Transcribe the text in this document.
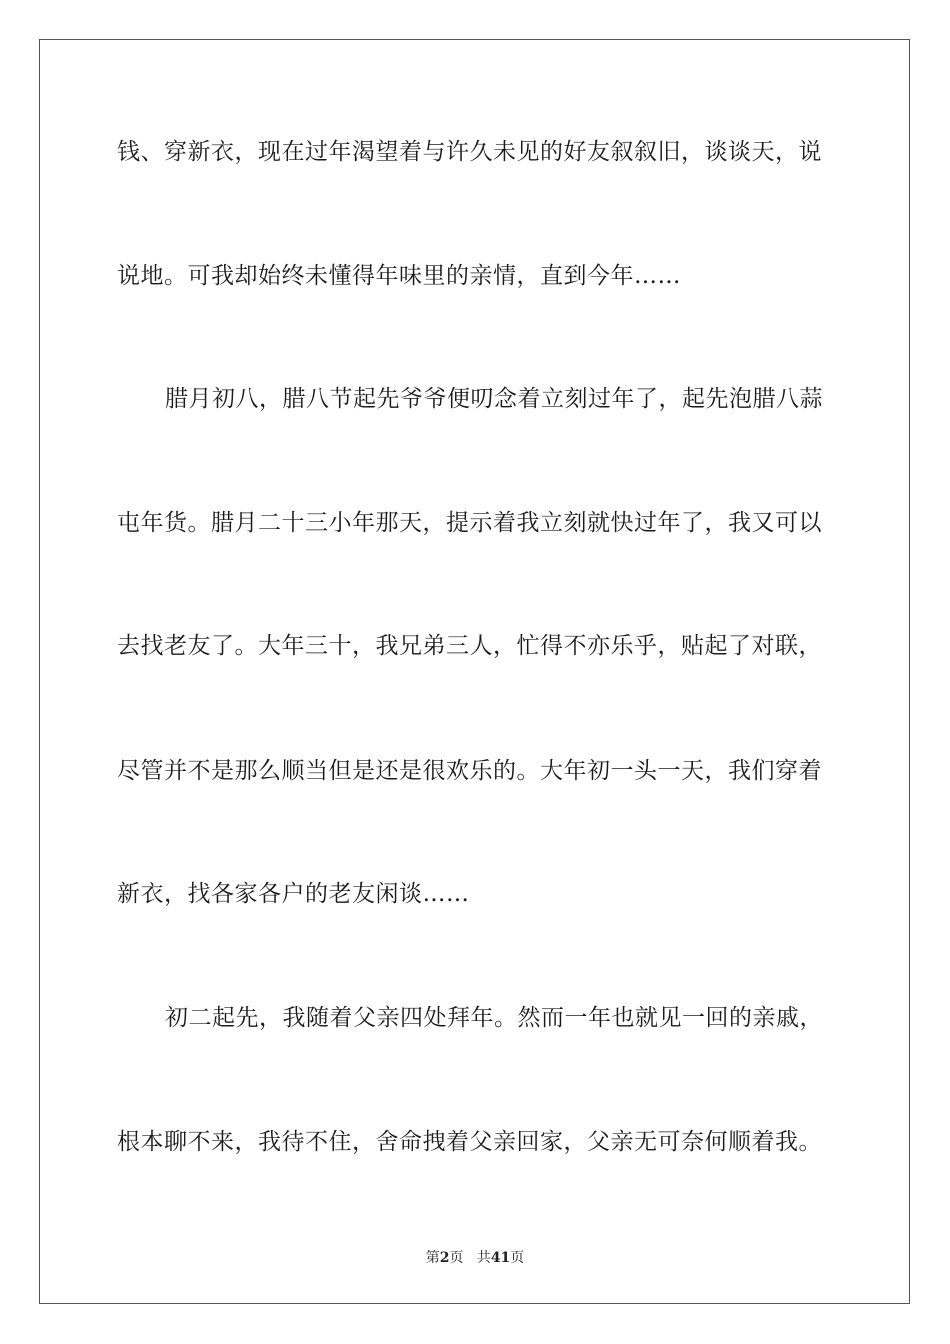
钱、穿新衣，现在过年渴望着与许久未见的好友叙叙旧，谈谈天，说
说地。可我却始终未懂得年味里的亲情，直到今年……
腊月初八，腊八节起先爷爷便叨念着立刻过年了，起先泡腊八蒜
屯年货。腊月二十三小年那天，提示着我立刻就快过年了，我又可以
去找老友了。大年三十，我兄弟三人，忙得不亦乐乎，贴起了对联，
尽管并不是那么顺当但是还是很欢乐的。大年初一头一天，我们穿着
新衣，找各家各户的老友闲谈……
初二起先，我随着父亲四处拜年。然而一年也就见一回的亲戚，
根本聊不来，我待不住，舍命拽着父亲回家，父亲无可奈何顺着我。
第2页 共41页
